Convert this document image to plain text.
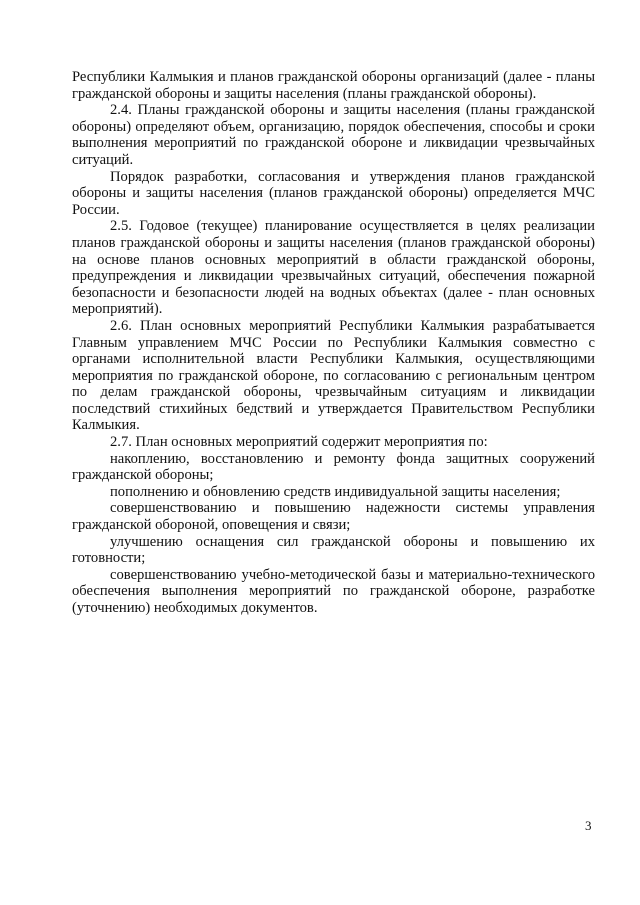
Республики Калмыкия и планов гражданской обороны организаций (далее - планы гражданской обороны и защиты населения (планы гражданской обороны).

2.4. Планы гражданской обороны и защиты населения (планы гражданской обороны) определяют объем, организацию, порядок обеспечения, способы и сроки выполнения мероприятий по гражданской обороне и ликвидации чрезвычайных ситуаций.

Порядок разработки, согласования и утверждения планов гражданской обороны и защиты населения (планов гражданской обороны) определяется МЧС России.

2.5. Годовое (текущее) планирование осуществляется в целях реализации планов гражданской обороны и защиты населения (планов гражданской обороны) на основе планов основных мероприятий в области гражданской обороны, предупреждения и ликвидации чрезвычайных ситуаций, обеспечения пожарной безопасности и безопасности людей на водных объектах (далее - план основных мероприятий).

2.6. План основных мероприятий Республики Калмыкия разрабатывается Главным управлением МЧС России по Республики Калмыкия совместно с органами исполнительной власти Республики Калмыкия, осуществляющими мероприятия по гражданской обороне, по согласованию с региональным центром по делам гражданской обороны, чрезвычайным ситуациям и ликвидации последствий стихийных бедствий и утверждается Правительством Республики Калмыкия.

2.7. План основных мероприятий содержит мероприятия по:

накоплению, восстановлению и ремонту фонда защитных сооружений гражданской обороны;

пополнению и обновлению средств индивидуальной защиты населения;

совершенствованию и повышению надежности системы управления гражданской обороной, оповещения и связи;

улучшению оснащения сил гражданской обороны и повышению их готовности;

совершенствованию учебно-методической базы и материально-технического обеспечения выполнения мероприятий по гражданской обороне, разработке (уточнению) необходимых документов.

3
